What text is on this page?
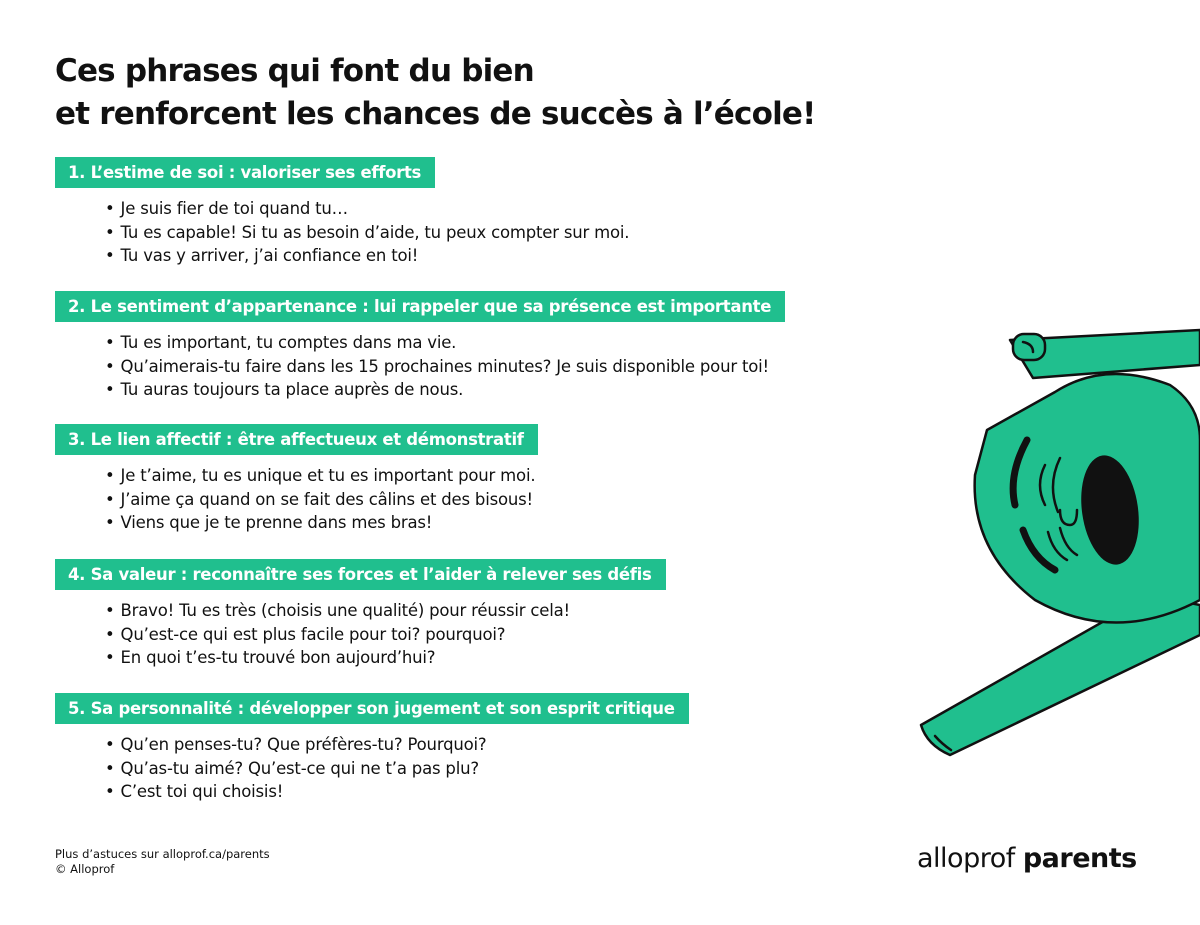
Ces phrases qui font du bien
et renforcent les chances de succès à l’école!
1. L’estime de soi : valoriser ses efforts
• Je suis fier de toi quand tu…
• Tu es capable! Si tu as besoin d’aide, tu peux compter sur moi.
• Tu vas y arriver, j’ai confiance en toi!
2. Le sentiment d’appartenance : lui rappeler que sa présence est importante
• Tu es important, tu comptes dans ma vie.
• Qu’aimerais-tu faire dans les 15 prochaines minutes? Je suis disponible pour toi!
• Tu auras toujours ta place auprès de nous.
3. Le lien affectif : être affectueux et démonstratif
• Je t’aime, tu es unique et tu es important pour moi.
• J’aime ça quand on se fait des câlins et des bisous!
• Viens que je te prenne dans mes bras!
4. Sa valeur : reconnaître ses forces et l’aider à relever ses défis
• Bravo! Tu es très (choisis une qualité) pour réussir cela!
• Qu’est-ce qui est plus facile pour toi? pourquoi?
• En quoi t’es-tu trouvé bon aujourd’hui?
5. Sa personnalité : développer son jugement et son esprit critique
• Qu’en penses-tu? Que préfères-tu? Pourquoi?
• Qu’as-tu aimé? Qu’est-ce qui ne t’a pas plu?
• C’est toi qui choisis!
Plus d’astuces sur alloprof.ca/parents
© Alloprof	alloprof parents
